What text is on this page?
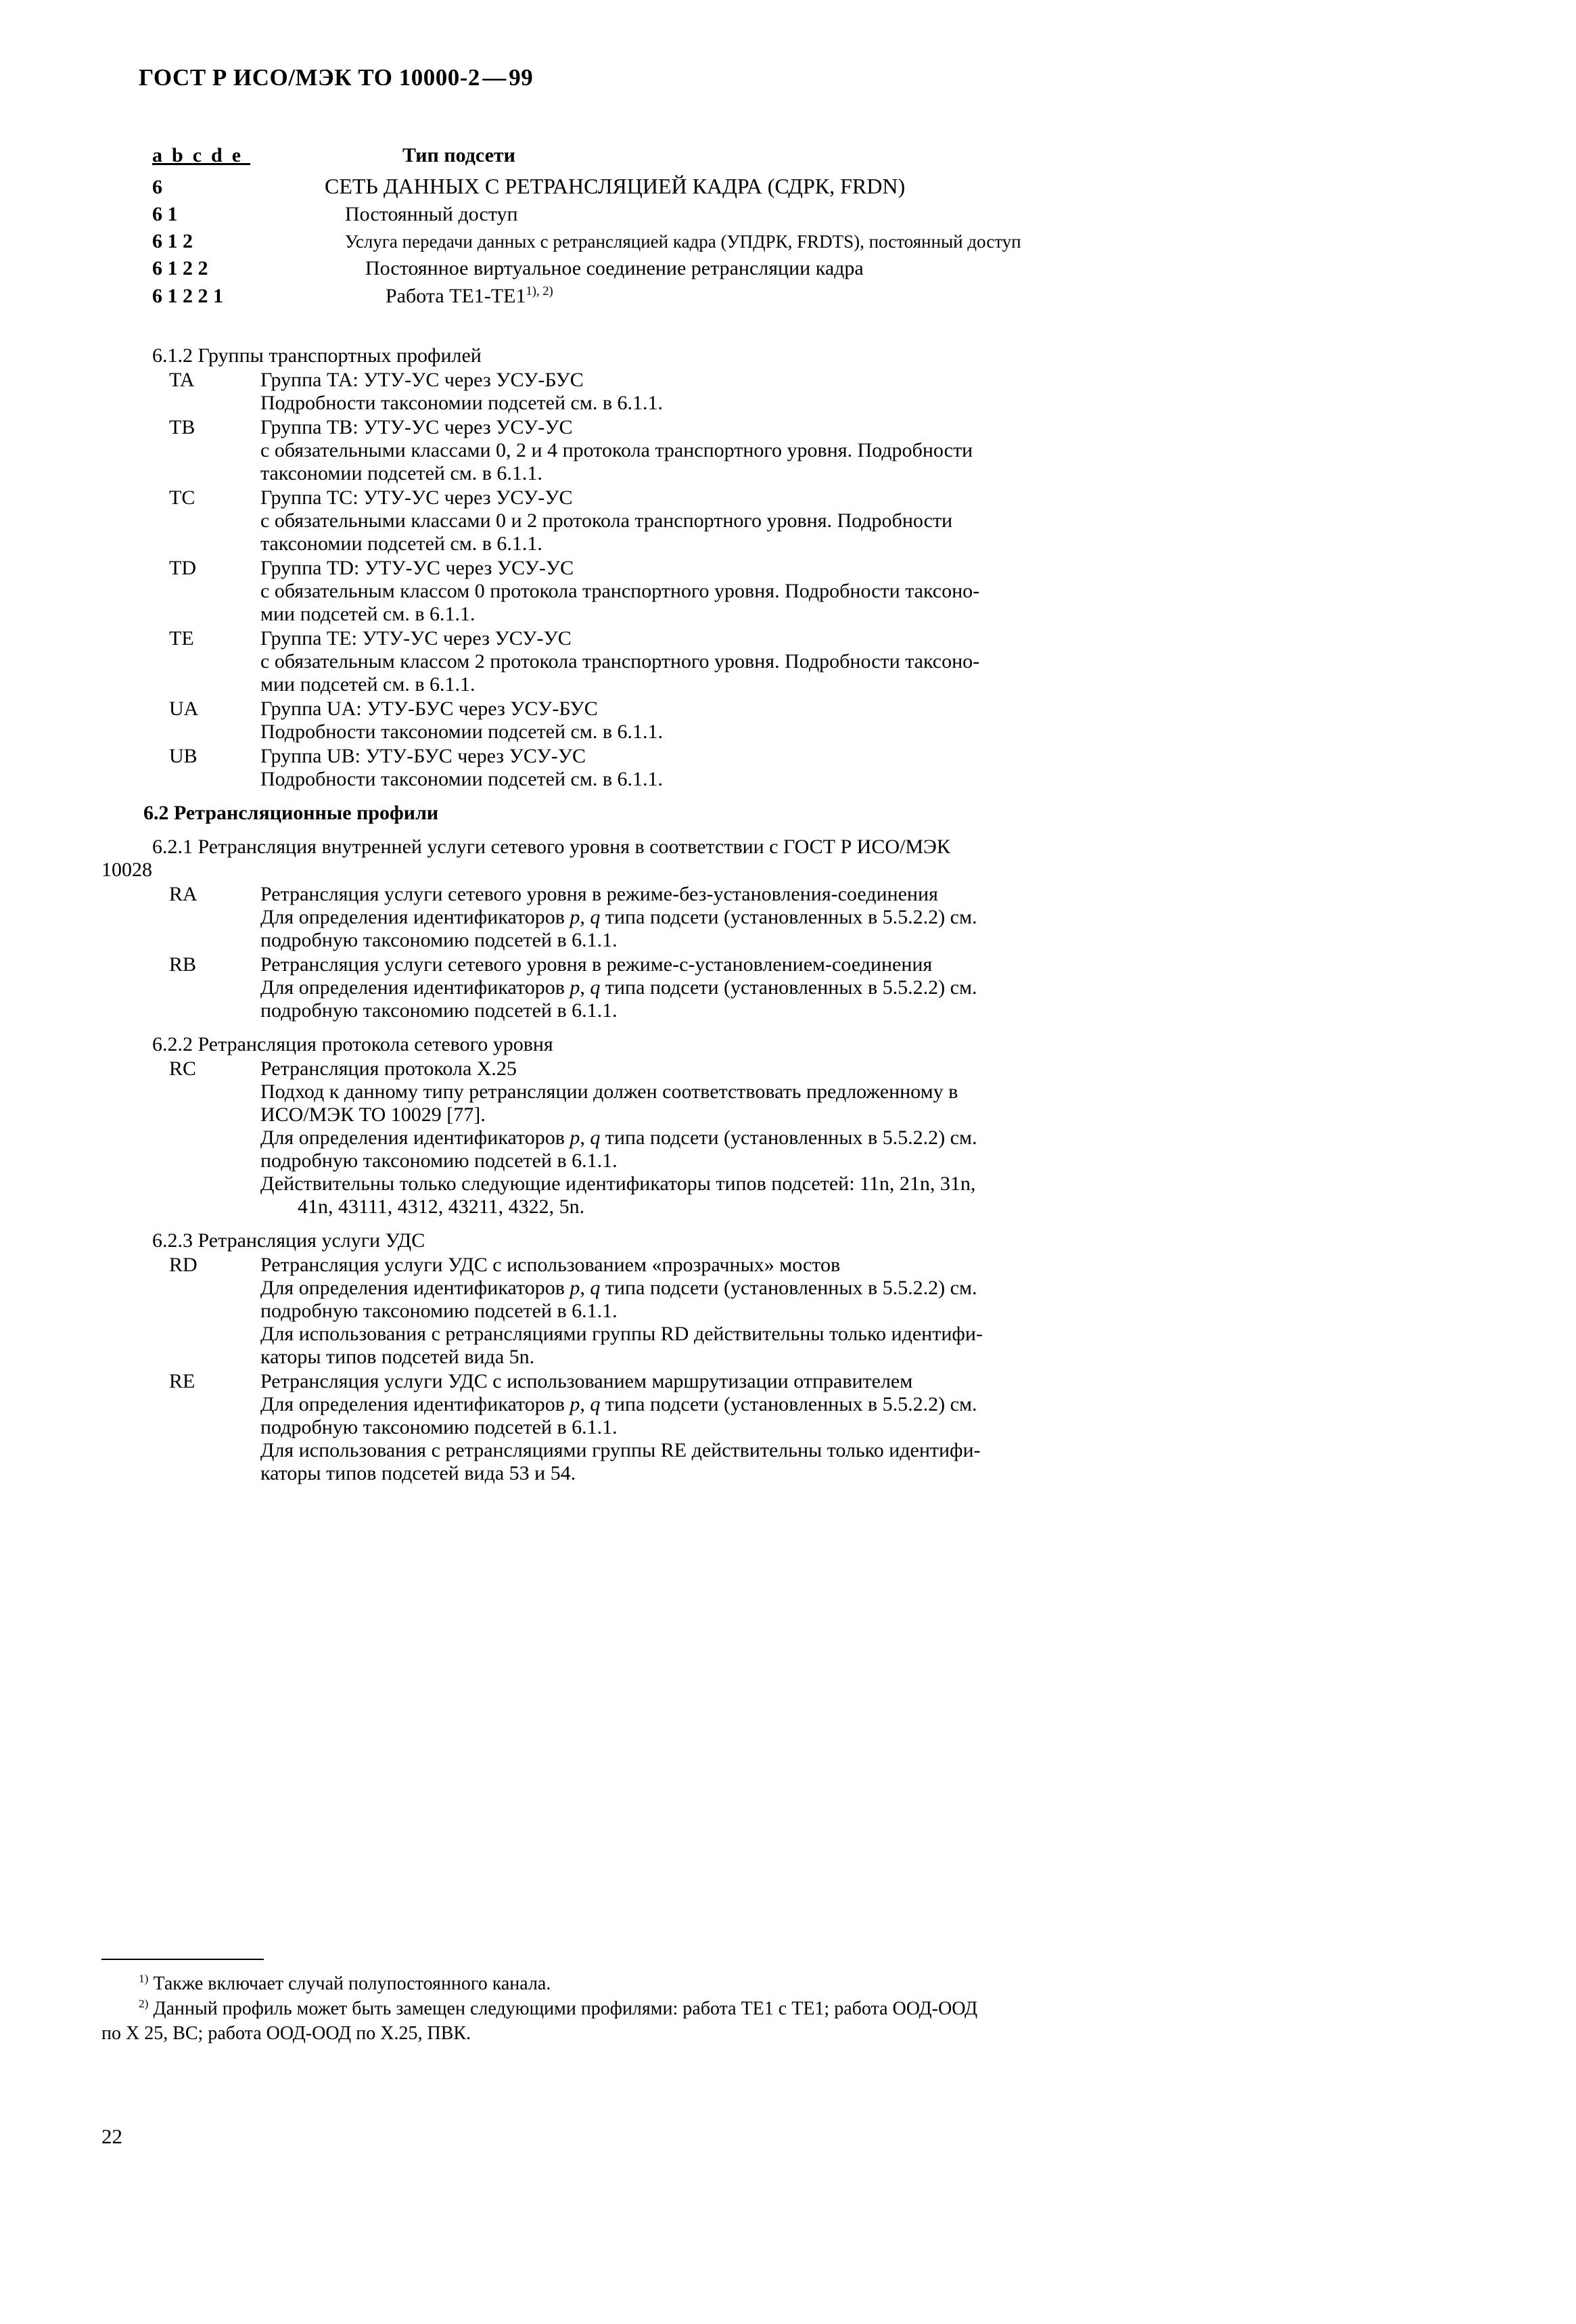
ГОСТ Р ИСО/МЭК ТО 10000-2 — 99
abcde	Тип подсети
6	СЕТЬ ДАННЫХ С РЕТРАНСЛЯЦИЕЙ КАДРА (СДРК, FRDN)
6 1	Постоянный доступ
6 1 2	Услуга передачи данных с ретрансляцией кадра (УПДРК, FRDTS), постоянный доступ
6 1 2 2	Постоянное виртуальное соединение ретрансляции кадра
6 1 2 2 1	Работа $ТЕ1-ТЕ1^{1), 2)}$
6.1.2 Группы транспортных профилей
TA	Группа ТА: УТУ-УС через УСУ-БУС
Подробности таксономии подсетей см. в 6.1.1.
TB	Группа ТВ: УТУ-УС через УСУ-УС
с обязательными классами 0, 2 и 4 протокола транспортного уровня. Подробности
таксономии подсетей см. в 6.1.1.
TC	Группа ТС: УТУ-УС через УСУ-УС
с обязательными классами 0 и 2 протокола транспортного уровня. Подробности
таксономии подсетей см. в 6.1.1.
TD	Группа TD: УТУ-УС через УСУ-УС
с обязательным классом 0 протокола транспортного уровня. Подробности таксоно-
мии подсетей см. в 6.1.1.
TE	Группа ТЕ: УТУ-УС через УСУ-УС
с обязательным классом 2 протокола транспортного уровня. Подробности таксоно-
мии подсетей см. в 6.1.1.
UA	Группа UA: УТУ-БУС через УСУ-БУС
Подробности таксономии подсетей см. в 6.1.1.
UB	Группа UB: УТУ-БУС через УСУ-УС
Подробности таксономии подсетей см. в 6.1.1.
6.2 Ретрансляционные профили
6.2.1 Ретрансляция внутренней услуги сетевого уровня в соответствии с ГОСТ Р ИСО/МЭК
10028
RA	Ретрансляция услуги сетевого уровня в режиме-без-установления-соединения
Для определения идентификаторов p, q типа подсети (установленных в 5.5.2.2) см.
подробную таксономию подсетей в 6.1.1.
RB	Ретрансляция услуги сетевого уровня в режиме-с-установлением-соединения
Для определения идентификаторов p, q типа подсети (установленных в 5.5.2.2) см.
подробную таксономию подсетей в 6.1.1.
6.2.2 Ретрансляция протокола сетевого уровня
RC	Ретрансляция протокола Х.25
Подход к данному типу ретрансляции должен соответствовать предложенному в
ИСО/МЭК ТО 10029 [77].
Для определения идентификаторов p, q типа подсети (установленных в 5.5.2.2) см.
подробную таксономию подсетей в 6.1.1.
Действительны только следующие идентификаторы типов подсетей: 11n, 21n, 31n,
41n, 43111, 4312, 43211, 4322, 5n.
6.2.3 Ретрансляция услуги УДС
RD	Ретрансляция услуги УДС с использованием «прозрачных» мостов
Для определения идентификаторов p, q типа подсети (установленных в 5.5.2.2) см.
подробную таксономию подсетей в 6.1.1.
Для использования с ретрансляциями группы RD действительны только идентифи-
каторы типов подсетей вида 5n.
RE	Ретрансляция услуги УДС с использованием маршрутизации отправителем
Для определения идентификаторов p, q типа подсети (установленных в 5.5.2.2) см.
подробную таксономию подсетей в 6.1.1.
Для использования с ретрансляциями группы RE действительны только идентифи-
каторы типов подсетей вида 53 и 54.

$^{1)}$ Также включает случай полупостоянного канала.

$^{2)}$ Данный профиль может быть замещен следующими профилями: работа ТЕ1 с ТЕ1; работа ООД-ООД

по Х 25, ВС; работа ООД-ООД по Х.25, ПВК.

22
